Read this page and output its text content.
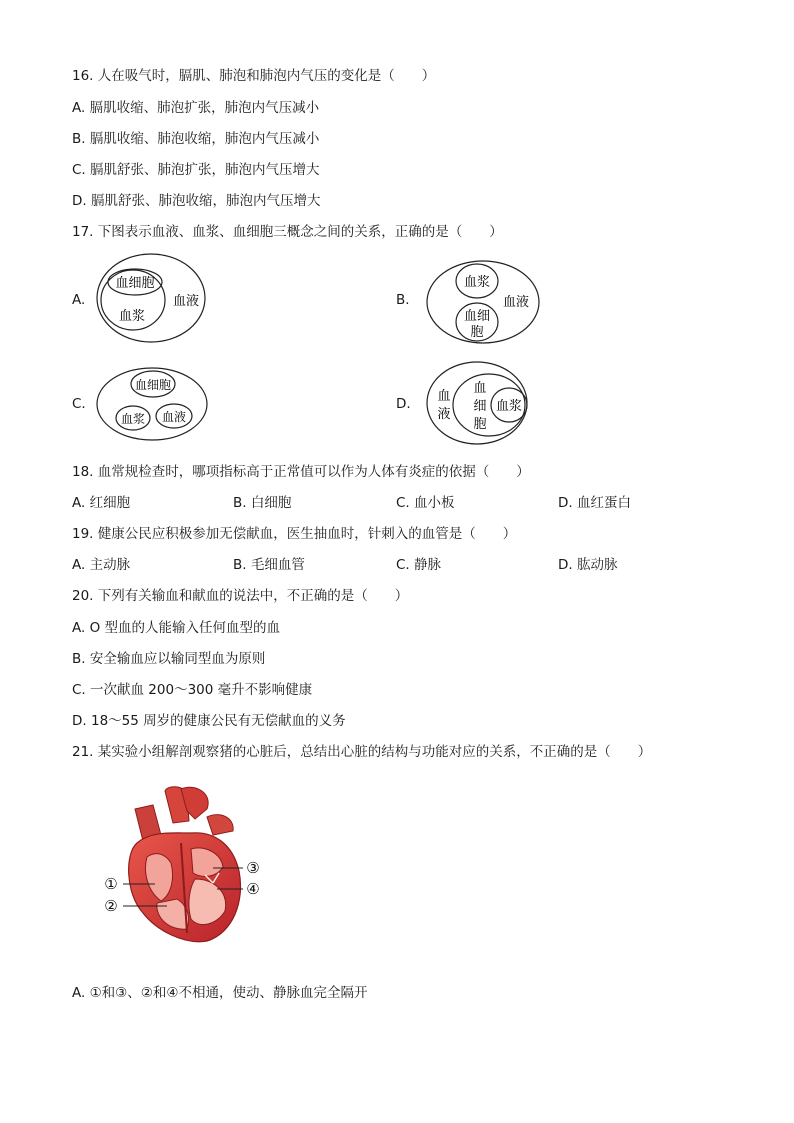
16. 人在吸气时，膈肌、肺泡和肺泡内气压的变化是（　　）
A. 膈肌收缩、肺泡扩张，肺泡内气压减小
B. 膈肌收缩、肺泡收缩，肺泡内气压减小
C. 膈肌舒张、肺泡扩张，肺泡内气压增大
D. 膈肌舒张、肺泡收缩，肺泡内气压增大
17. 下图表示血液、血浆、血细胞三概念之间的关系，正确的是（　　）
A.
血细胞
血浆
血液	B.
血浆
血细
胞
血液
C.
血细胞
血浆 血液
D. 血
液
血
细
胞
血浆
18. 血常规检查时，哪项指标高于正常值可以作为人体有炎症的依据（　　）
A. 红细胞	B. 白细胞	C. 血小板	D. 血红蛋白
19. 健康公民应积极参加无偿献血，医生抽血时，针刺入的血管是（　　）
A. 主动脉	B. 毛细血管	C. 静脉	D. 肱动脉
20. 下列有关输血和献血的说法中，不正确的是（　　）
A. O 型血的人能输入任何血型的血
B. 安全输血应以输同型血为原则
C. 一次献血 200～300 毫升不影响健康
D. 18～55 周岁的健康公民有无偿献血的义务
21. 某实验小组解剖观察猪的心脏后，总结出心脏的结构与功能对应的关系，不正确的是（　　）
①
②
③
④
A. ①和③、②和④不相通，使动、静脉血完全隔开
